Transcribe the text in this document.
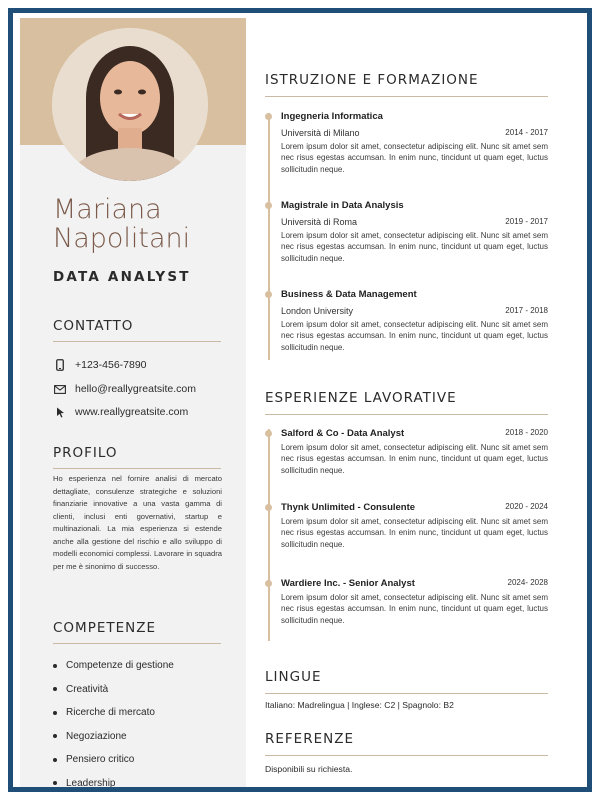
Mariana
Napolitani
DATA ANALYST
CONTATTO
+123-456-7890
hello@reallygreatsite.com
www.reallygreatsite.com
PROFILO
Ho esperienza nel fornire analisi di mercato dettagliate, consulenze strategiche e soluzioni finanziarie innovative a una vasta gamma di clienti, inclusi enti governativi, startup e multinazionali. La mia esperienza si estende anche alla gestione del rischio e allo sviluppo di modelli economici complessi. Lavorare in squadra per me è sinonimo di successo.
COMPETENZE
Competenze di gestione
Creatività
Ricerche di mercato
Negoziazione
Pensiero critico
Leadership
ISTRUZIONE E FORMAZIONE
Ingegneria Informatica
Università di Milano	2014 - 2017
Lorem ipsum dolor sit amet, consectetur adipiscing elit. Nunc sit amet sem nec risus egestas accumsan. In enim nunc, tincidunt ut quam eget, luctus sollicitudin neque.
Magistrale in Data Analysis
Università di Roma	2019 - 2017
Lorem ipsum dolor sit amet, consectetur adipiscing elit. Nunc sit amet sem nec risus egestas accumsan. In enim nunc, tincidunt ut quam eget, luctus sollicitudin neque.
Business & Data Management
London University	2017 - 2018
Lorem ipsum dolor sit amet, consectetur adipiscing elit. Nunc sit amet sem nec risus egestas accumsan. In enim nunc, tincidunt ut quam eget, luctus sollicitudin neque.
ESPERIENZE LAVORATIVE
Salford & Co - Data Analyst	2018 - 2020
Lorem ipsum dolor sit amet, consectetur adipiscing elit. Nunc sit amet sem nec risus egestas accumsan. In enim nunc, tincidunt ut quam eget, luctus sollicitudin neque.
Thynk Unlimited - Consulente	2020 - 2024
Lorem ipsum dolor sit amet, consectetur adipiscing elit. Nunc sit amet sem nec risus egestas accumsan. In enim nunc, tincidunt ut quam eget, luctus sollicitudin neque.
Wardiere Inc. - Senior Analyst	2024- 2028
Lorem ipsum dolor sit amet, consectetur adipiscing elit. Nunc sit amet sem nec risus egestas accumsan. In enim nunc, tincidunt ut quam eget, luctus sollicitudin neque.
LINGUE
Italiano: Madrelingua | Inglese: C2 | Spagnolo: B2
REFERENZE
Disponibili su richiesta.
